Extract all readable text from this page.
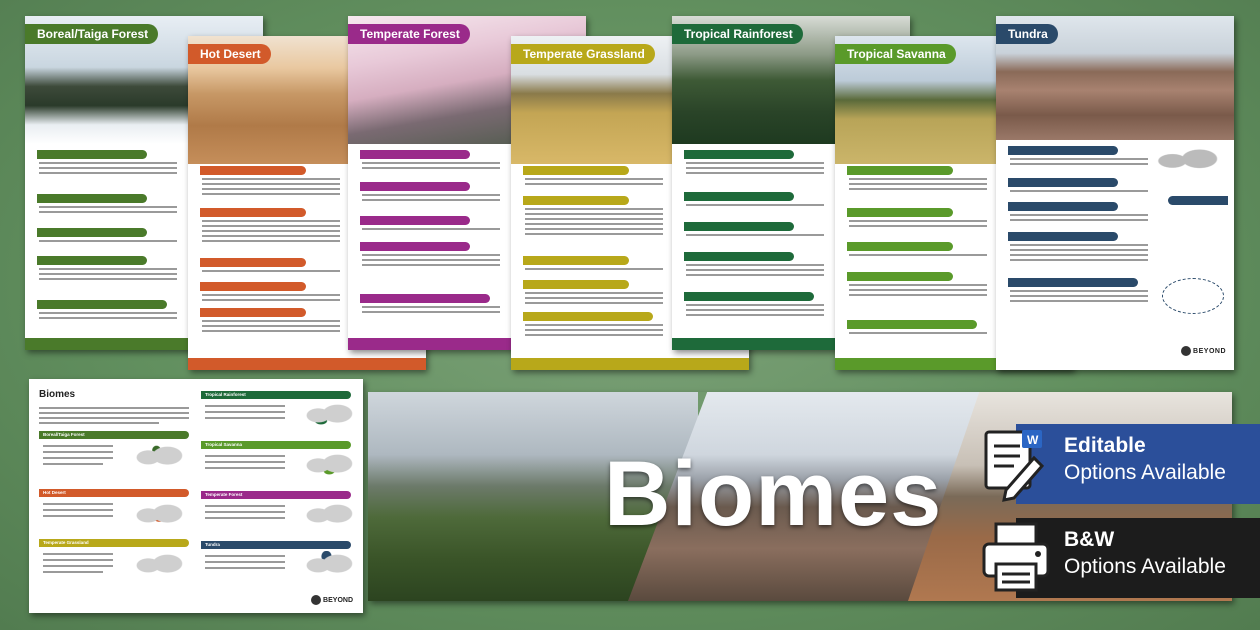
Boreal/Taiga Forest
Hot Desert
Temperate Forest
Temperate Grassland
Tropical Rainforest
Tropical Savanna
Tundra
BEYOND
Biomes
Boreal/Taiga Forest
Hot Desert
Temperate Grassland
Tropical Rainforest
Tropical Savanna
Temperate Forest
Tundra
BEYOND
Biomes
W Editable
Options Available
B&W
Options Available
